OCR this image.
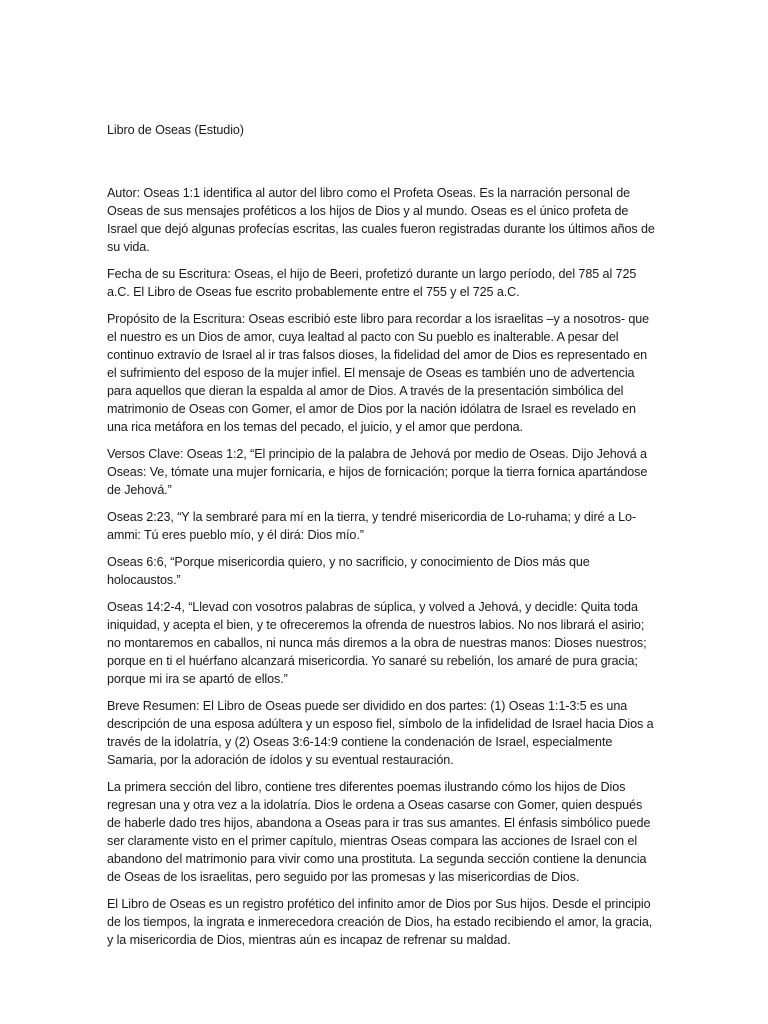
Libro de Oseas (Estudio)

Autor: Oseas 1:1 identifica al autor del libro como el Profeta Oseas. Es la narración personal de Oseas de sus mensajes proféticos a los hijos de Dios y al mundo. Oseas es el único profeta de Israel que dejó algunas profecías escritas, las cuales fueron registradas durante los últimos años de su vida.

Fecha de su Escritura: Oseas, el hijo de Beeri, profetizó durante un largo período, del 785 al 725 a.C. El Libro de Oseas fue escrito probablemente entre el 755 y el 725 a.C.

Propósito de la Escritura: Oseas escribió este libro para recordar a los israelitas –y a nosotros- que el nuestro es un Dios de amor, cuya lealtad al pacto con Su pueblo es inalterable. A pesar del continuo extravío de Israel al ir tras falsos dioses, la fidelidad del amor de Dios es representado en el sufrimiento del esposo de la mujer infiel. El mensaje de Oseas es también uno de advertencia para aquellos que dieran la espalda al amor de Dios. A través de la presentación simbólica del matrimonio de Oseas con Gomer, el amor de Dios por la nación idólatra de Israel es revelado en una rica metáfora en los temas del pecado, el juicio, y el amor que perdona.

Versos Clave: Oseas 1:2, “El principio de la palabra de Jehová por medio de Oseas. Dijo Jehová a Oseas: Ve, tómate una mujer fornicaria, e hijos de fornicación; porque la tierra fornica apartándose de Jehová.”

Oseas 2:23, “Y la sembraré para mí en la tierra, y tendré misericordia de Lo-ruhama; y diré a Lo-ammi: Tú eres pueblo mío, y él dirá: Dios mío.”

Oseas 6:6, “Porque misericordia quiero, y no sacrificio, y conocimiento de Dios más que holocaustos.”

Oseas 14:2-4, “Llevad con vosotros palabras de súplica, y volved a Jehová, y decidle: Quita toda iniquidad, y acepta el bien, y te ofreceremos la ofrenda de nuestros labios. No nos librará el asirio; no montaremos en caballos, ni nunca más diremos a la obra de nuestras manos: Dioses nuestros; porque en ti el huérfano alcanzará misericordia. Yo sanaré su rebelión, los amaré de pura gracia; porque mi ira se apartó de ellos.”

Breve Resumen: El Libro de Oseas puede ser dividido en dos partes: (1) Oseas 1:1-3:5 es una descripción de una esposa adúltera y un esposo fiel, símbolo de la infidelidad de Israel hacia Dios a través de la idolatría, y (2) Oseas 3:6-14:9 contiene la condenación de Israel, especialmente Samaria, por la adoración de ídolos y su eventual restauración.

La primera sección del libro, contiene tres diferentes poemas ilustrando cómo los hijos de Dios regresan una y otra vez a la idolatría. Dios le ordena a Oseas casarse con Gomer, quien después de haberle dado tres hijos, abandona a Oseas para ir tras sus amantes. El énfasis simbólico puede ser claramente visto en el primer capítulo, mientras Oseas compara las acciones de Israel con el abandono del matrimonio para vivir como una prostituta. La segunda sección contiene la denuncia de Oseas de los israelitas, pero seguido por las promesas y las misericordias de Dios.

El Libro de Oseas es un registro profético del infinito amor de Dios por Sus hijos. Desde el principio de los tiempos, la ingrata e inmerecedora creación de Dios, ha estado recibiendo el amor, la gracia, y la misericordia de Dios, mientras aún es incapaz de refrenar su maldad.
